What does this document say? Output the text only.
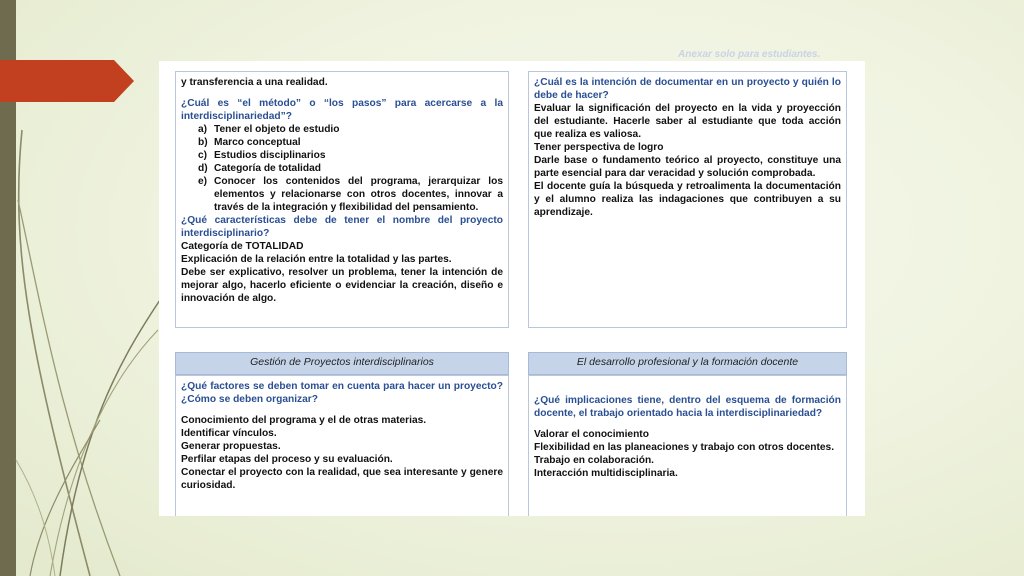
Anexar solo para estudiantes.

y transferencia a una realidad.

¿Cuál es “el método” o “los pasos” para acercarse a la interdisciplinariedad”?

a) Tener el objeto de estudio
b) Marco conceptual
c) Estudios disciplinarios
d) Categoría de totalidad
e) Conocer los contenidos del programa, jerarquizar los elementos y relacionarse con otros docentes, innovar a través de la integración y flexibilidad del pensamiento.

¿Qué características debe de tener el nombre del proyecto interdisciplinario?

Categoría de TOTALIDAD

Explicación de la relación entre la totalidad y las partes.

Debe ser explicativo, resolver un problema, tener la intención de mejorar algo, hacerlo eficiente o evidenciar la creación, diseño e innovación de algo.

¿Cuál es la intención de documentar en un proyecto y quién lo debe de hacer?

Evaluar la significación del proyecto en la vida y proyección del estudiante. Hacerle saber al estudiante que toda acción que realiza es valiosa.

Tener perspectiva de logro

Darle base o fundamento teórico al proyecto, constituye una parte esencial para dar veracidad y solución comprobada.

El docente guía la búsqueda y retroalimenta la documentación y el alumno realiza las indagaciones que contribuyen a su aprendizaje.

Gestión de Proyectos interdisciplinarios

¿Qué factores se deben tomar en cuenta para hacer un proyecto? ¿Cómo se deben organizar?

Conocimiento del programa y el de otras materias.

Identificar vínculos.

Generar propuestas.

Perfilar etapas del proceso y su evaluación.

Conectar el proyecto con la realidad, que sea interesante y genere curiosidad.

El desarrollo profesional y la formación docente

¿Qué implicaciones tiene, dentro del esquema de formación docente, el trabajo orientado hacia la interdisciplinariedad?

Valorar el conocimiento

Flexibilidad en las planeaciones y trabajo con otros docentes.

Trabajo en colaboración.

Interacción multidisciplinaria.
